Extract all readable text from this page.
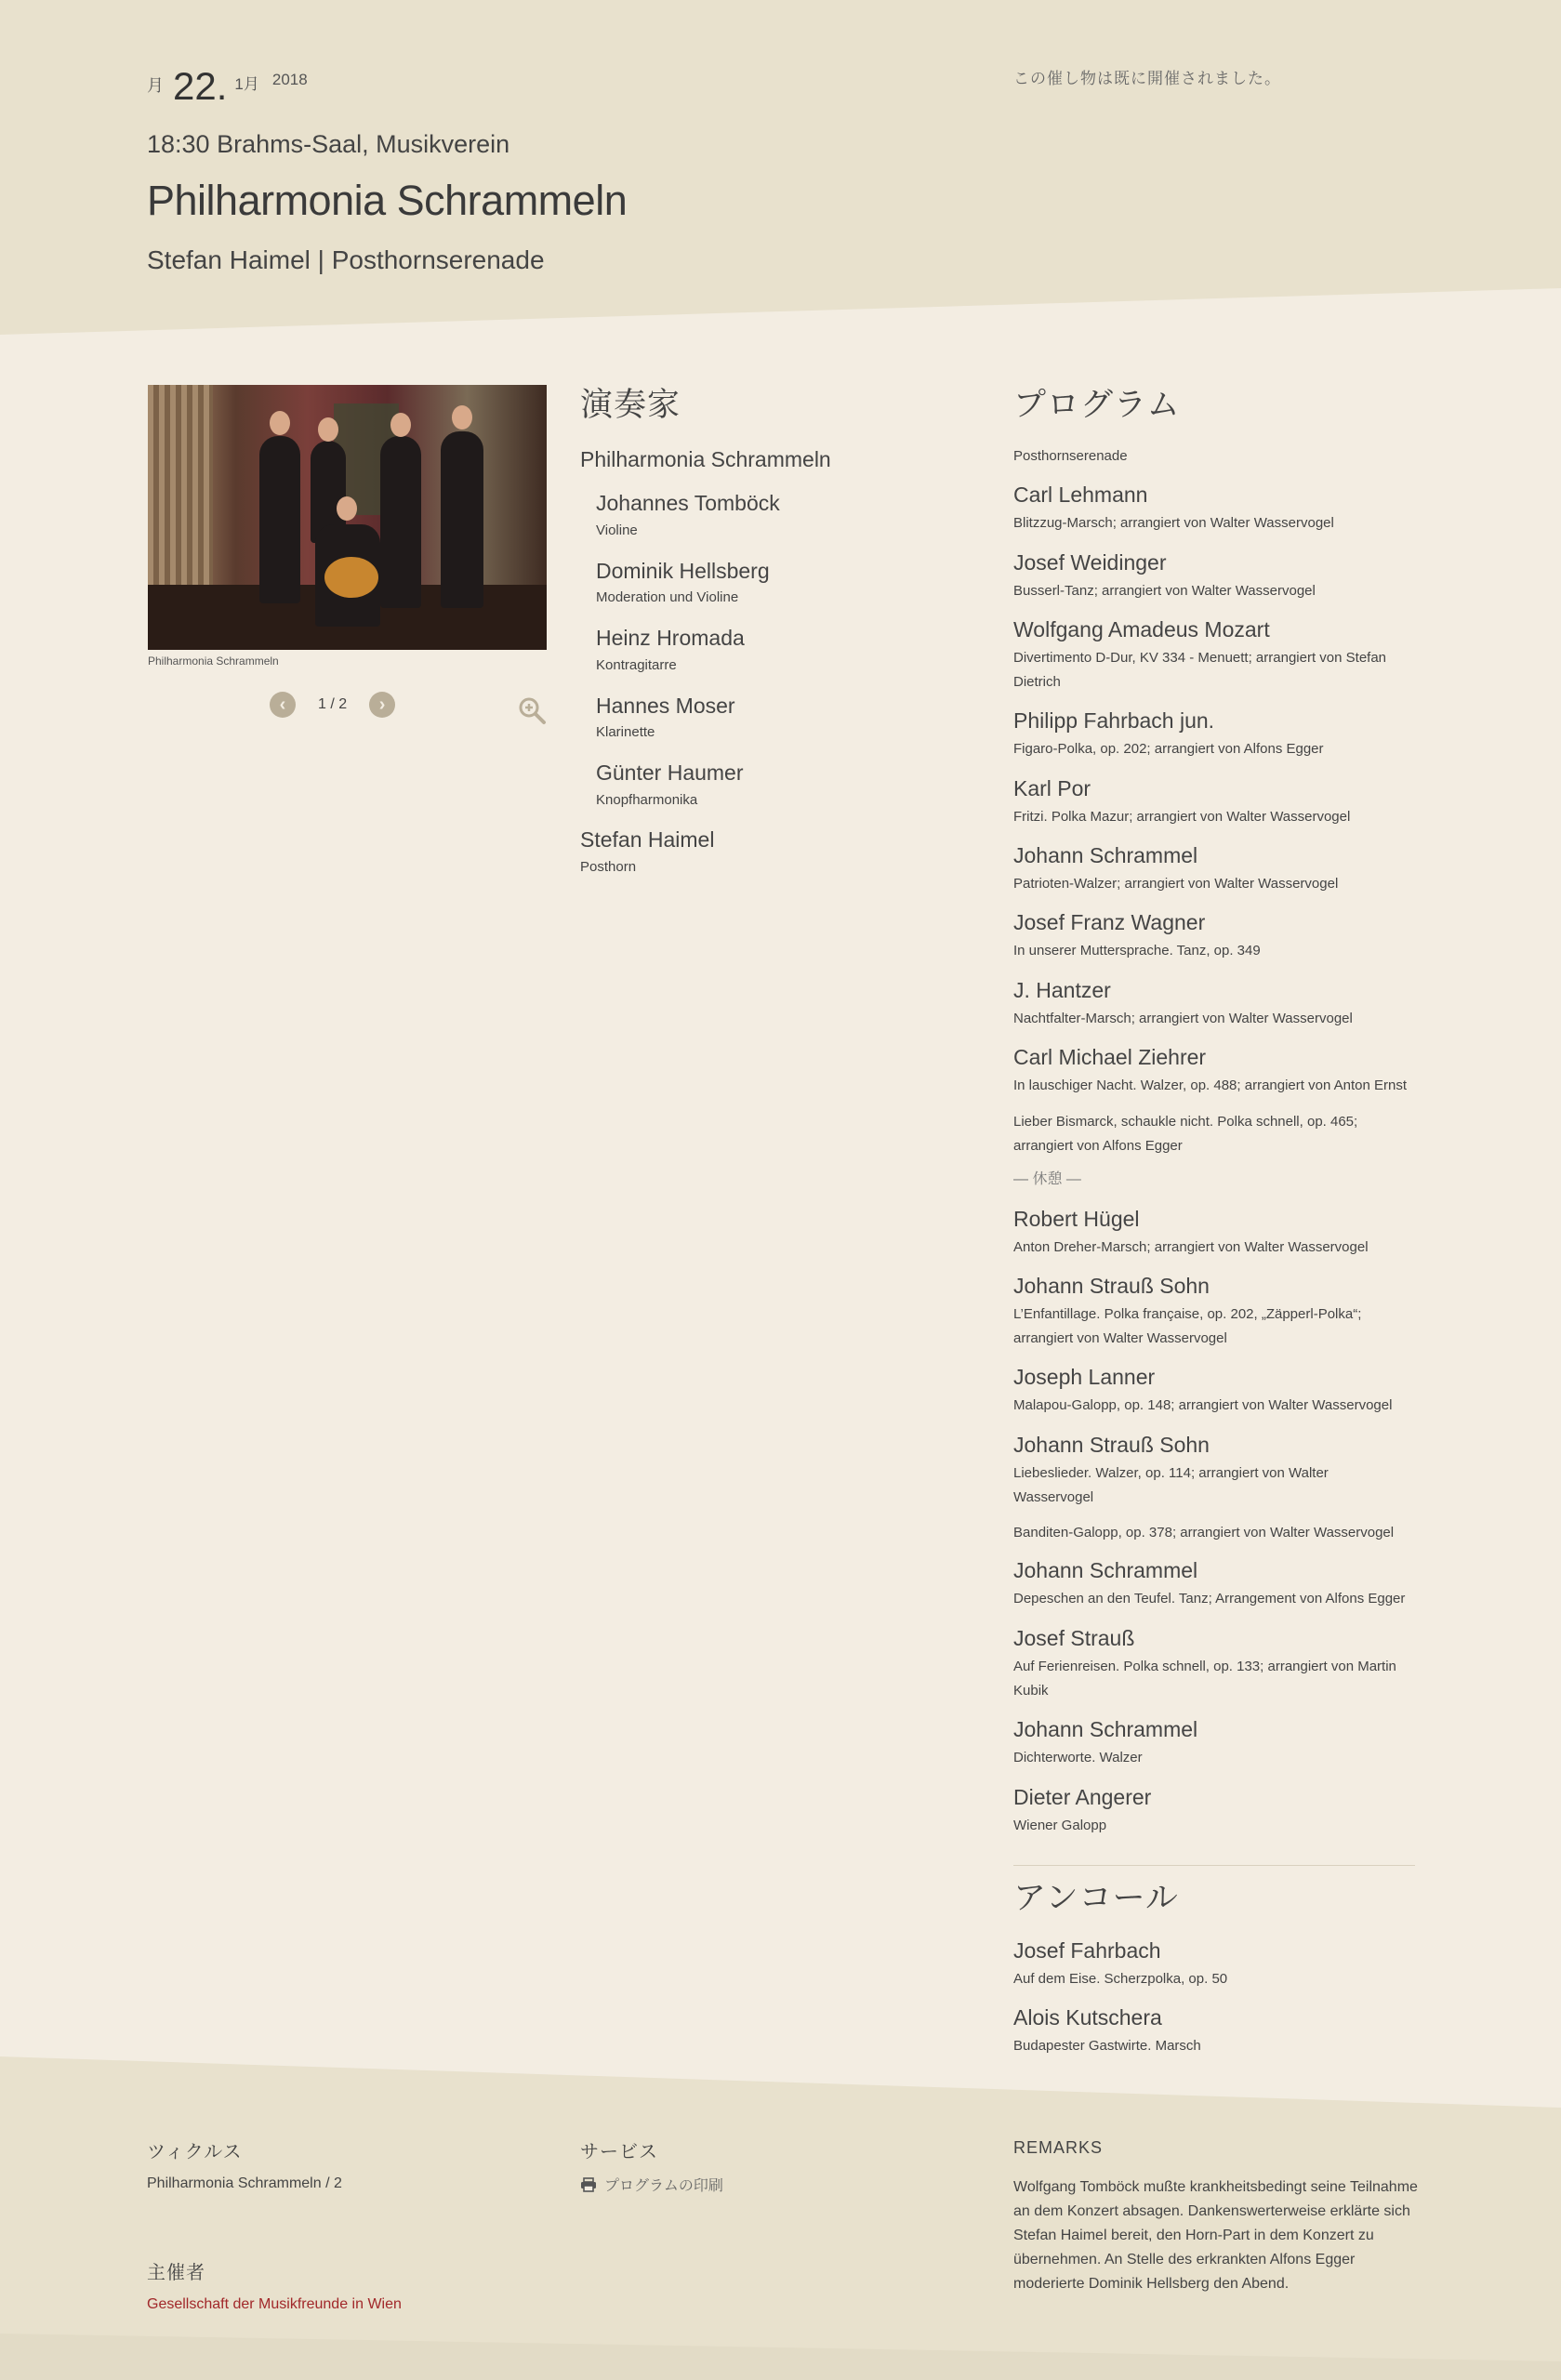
月 22. 1月 2018
18:30 Brahms-Saal, Musikverein
Philharmonia Schrammeln
Stefan Haimel | Posthornserenade
この催し物は既に開催されました。
Philharmonia Schrammeln
‹	1 / 2	›
演奏家
Philharmonia Schrammeln
Johannes Tomböck
Violine
Dominik Hellsberg
Moderation und Violine
Heinz Hromada
Kontragitarre
Hannes Moser
Klarinette
Günter Haumer
Knopfharmonika
Stefan Haimel
Posthorn
プログラム
Posthornserenade
Carl Lehmann
Blitzzug-Marsch; arrangiert von Walter Wasservogel
Josef Weidinger
Busserl-Tanz; arrangiert von Walter Wasservogel
Wolfgang Amadeus Mozart
Divertimento D-Dur, KV 334 - Menuett; arrangiert von Stefan
Dietrich
Philipp Fahrbach jun.
Figaro-Polka, op. 202; arrangiert von Alfons Egger
Karl Por
Fritzi. Polka Mazur; arrangiert von Walter Wasservogel
Johann Schrammel
Patrioten-Walzer; arrangiert von Walter Wasservogel
Josef Franz Wagner
In unserer Muttersprache. Tanz, op. 349
J. Hantzer
Nachtfalter-Marsch; arrangiert von Walter Wasservogel
Carl Michael Ziehrer
In lauschiger Nacht. Walzer, op. 488; arrangiert von Anton Ernst
Lieber Bismarck, schaukle nicht. Polka schnell, op. 465;
arrangiert von Alfons Egger
— 休憩 —
Robert Hügel
Anton Dreher-Marsch; arrangiert von Walter Wasservogel
Johann Strauß Sohn
L’Enfantillage. Polka française, op. 202, „Zäpperl-Polka“;
arrangiert von Walter Wasservogel
Joseph Lanner
Malapou-Galopp, op. 148; arrangiert von Walter Wasservogel
Johann Strauß Sohn
Liebeslieder. Walzer, op. 114; arrangiert von Walter
Wasservogel
Banditen-Galopp, op. 378; arrangiert von Walter Wasservogel
Johann Schrammel
Depeschen an den Teufel. Tanz; Arrangement von Alfons Egger
Josef Strauß
Auf Ferienreisen. Polka schnell, op. 133; arrangiert von Martin
Kubik
Johann Schrammel
Dichterworte. Walzer
Dieter Angerer
Wiener Galopp
アンコール
Josef Fahrbach
Auf dem Eise. Scherzpolka, op. 50
Alois Kutschera
Budapester Gastwirte. Marsch
ツィクルス
Philharmonia Schrammeln / 2
主催者
Gesellschaft der Musikfreunde in Wien
サービス
プログラムの印刷
REMARKS
Wolfgang Tomböck mußte krankheitsbedingt seine Teilnahme an dem Konzert absagen. Dankenswerterweise erklärte sich Stefan Haimel bereit, den Horn-Part in dem Konzert zu übernehmen. An Stelle des erkrankten Alfons Egger moderierte Dominik Hellsberg den Abend.
